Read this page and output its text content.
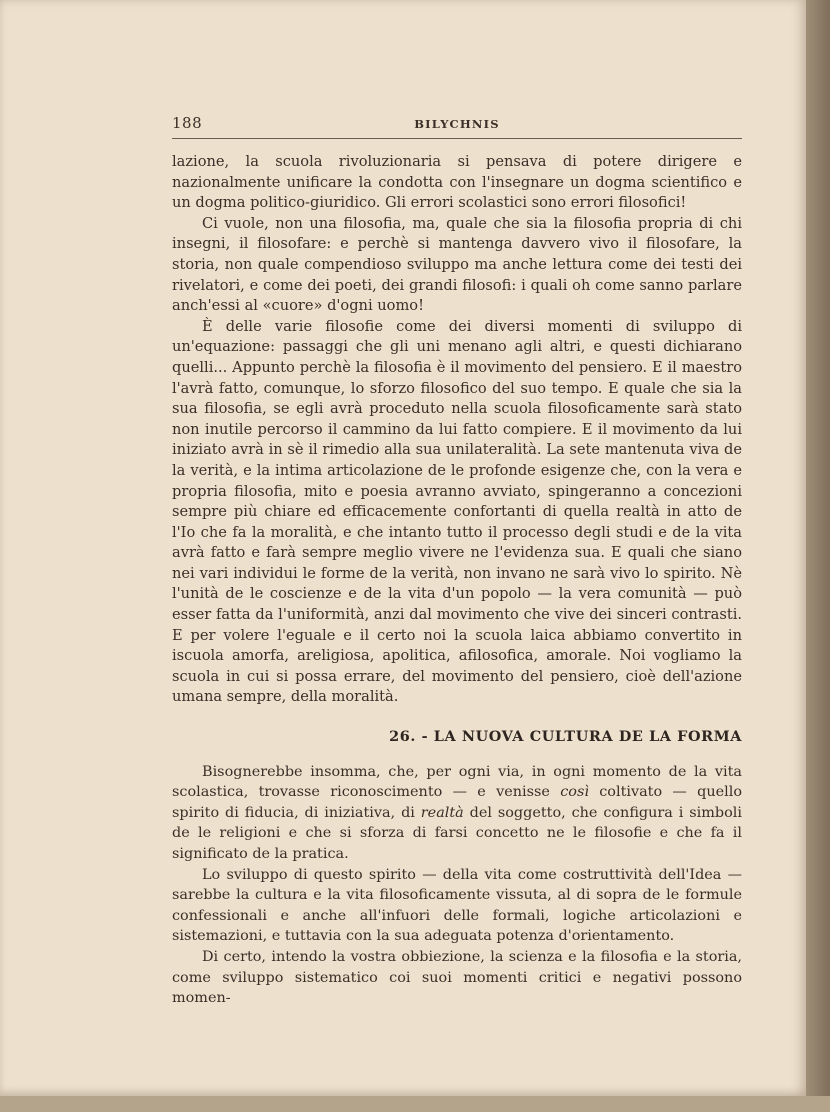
188	BILYCHNIS

lazione, la scuola rivoluzionaria si pensava di potere dirigere e nazionalmente unificare la condotta con l'insegnare un dogma scientifico e un dogma politico-giuridico. Gli errori scolastici sono errori filosofici!

Ci vuole, non una filosofia, ma, quale che sia la filosofia propria di chi insegni, il filosofare: e perchè si mantenga davvero vivo il filosofare, la storia, non quale compendioso sviluppo ma anche lettura come dei testi dei rivelatori, e come dei poeti, dei grandi filosofi: i quali oh come sanno parlare anch'essi al «cuore» d'ogni uomo!

È delle varie filosofie come dei diversi momenti di sviluppo di un'equazione: passaggi che gli uni menano agli altri, e questi dichiarano quelli... Appunto perchè la filosofia è il movimento del pensiero. E il maestro l'avrà fatto, comunque, lo sforzo filosofico del suo tempo. E quale che sia la sua filosofia, se egli avrà proceduto nella scuola filosoficamente sarà stato non inutile percorso il cammino da lui fatto compiere. E il movimento da lui iniziato avrà in sè il rimedio alla sua unilateralità. La sete mantenuta viva de la verità, e la intima articolazione de le profonde esigenze che, con la vera e propria filosofia, mito e poesia avranno avviato, spingeranno a concezioni sempre più chiare ed efficacemente confortanti di quella realtà in atto de l'Io che fa la moralità, e che intanto tutto il processo degli studi e de la vita avrà fatto e farà sempre meglio vivere ne l'evidenza sua. E quali che siano nei vari individui le forme de la verità, non invano ne sarà vivo lo spirito. Nè l'unità de le coscienze e de la vita d'un popolo — la vera comunità — può esser fatta da l'uniformità, anzi dal movimento che vive dei sinceri contrasti. E per volere l'eguale e il certo noi la scuola laica abbiamo convertito in iscuola amorfa, areligiosa, apolitica, afilosofica, amorale. Noi vogliamo la scuola in cui si possa errare, del movimento del pensiero, cioè dell'azione umana sempre, della moralità.

26. - LA NUOVA CULTURA DE LA FORMA

Bisognerebbe insomma, che, per ogni via, in ogni momento de la vita scolastica, trovasse riconoscimento — e venisse così coltivato — quello spirito di fiducia, di iniziativa, di realtà del soggetto, che configura i simboli de le religioni e che si sforza di farsi concetto ne le filosofie e che fa il significato de la pratica.

Lo sviluppo di questo spirito — della vita come costruttività dell'Idea — sarebbe la cultura e la vita filosoficamente vissuta, al di sopra de le formule confessionali e anche all'infuori delle formali, logiche articolazioni e sistemazioni, e tuttavia con la sua adeguata potenza d'orientamento.

Di certo, intendo la vostra obbiezione, la scienza e la filosofia e la storia, come sviluppo sistematico coi suoi momenti critici e negativi possono momen-
